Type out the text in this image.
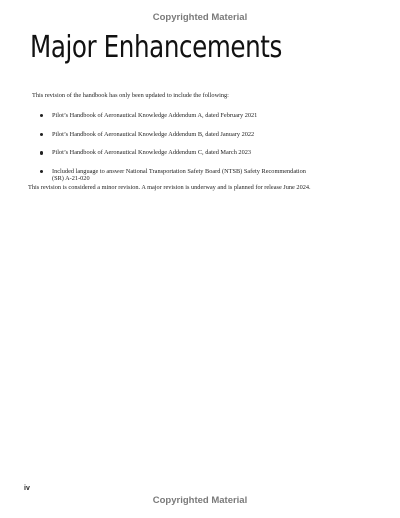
Copyrighted Material
Major Enhancements

This revision of the handbook has only been updated to include the following:

Pilot’s Handbook of Aeronautical Knowledge Addendum A, dated February 2021
Pilot’s Handbook of Aeronautical Knowledge Addendum B, dated January 2022
Pilot’s Handbook of Aeronautical Knowledge Addendum C, dated March 2023
Included language to answer National Transportation Safety Board (NTSB) Safety Recommendation (SR) A-21-020

This revision is considered a minor revision. A major revision is underway and is planned for release June 2024.

iv
Copyrighted Material
